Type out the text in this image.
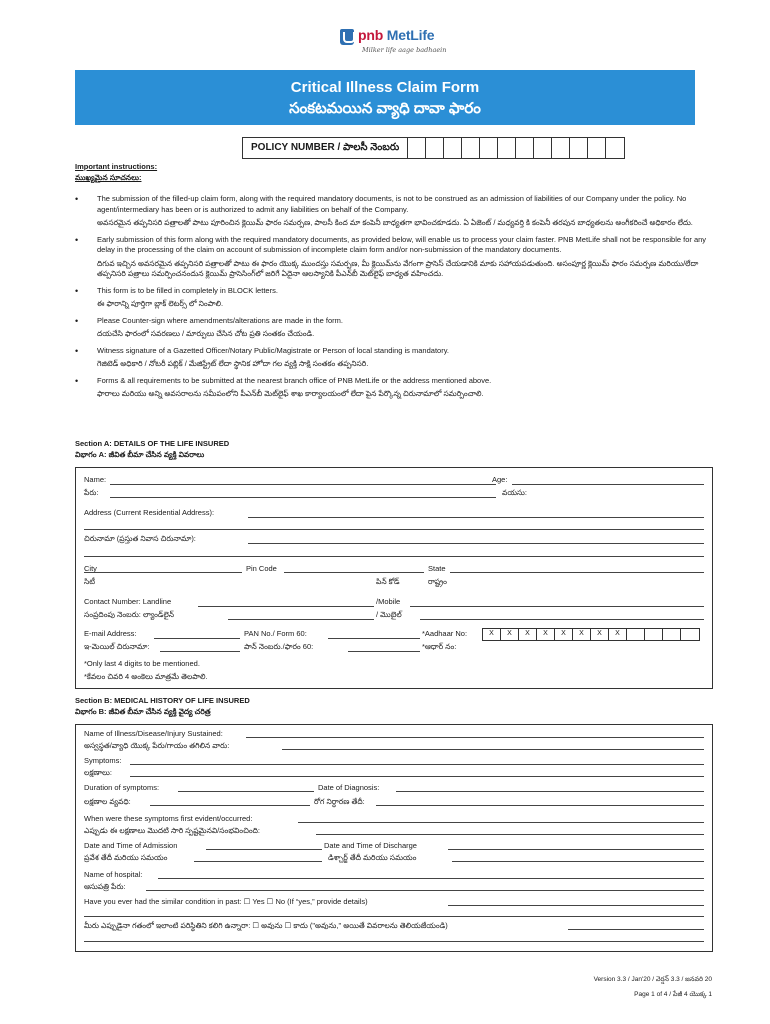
pnb MetLife
Milker life aage badhaein
Critical Illness Claim Form
సంకటమయిన వ్యాధి దావా ఫారం
POLICY NUMBER / పాలసీ నెంబరు
Important instructions:
ముఖ్యమైన సూచనలు:
•	The submission of the filled-up claim form, along with the required mandatory documents, is not to be construed as an admission of liabilities of our Company under the policy. No agent/intermediary has been or is authorized to admit any liabilities on behalf of the Company.

అవసరమైన తప్పనిసరి పత్రాలతో పాటు పూరించిన క్లెయిమ్ ఫారం సమర్పణ, పాలసీ కింద మా కంపెనీ బాధ్యతగా భావించకూడదు. ఏ ఏజెంట్ / మధ్యవర్తి కి కంపెనీ తరపున బాధ్యతలను అంగీకరించే అధికారం లేదు.

•	Early submission of this form along with the required mandatory documents, as provided below, will enable us to process your claim faster. PNB MetLife shall not be responsible for any delay in the processing of the claim on account of submission of incomplete claim form and/or non-submission of the mandatory documents.

దిగువ ఇచ్చిన అవసరమైన తప్పనిసరి పత్రాలతో పాటు ఈ ఫారం యొక్క ముందస్తు సమర్పణ, మీ క్లెయిమ్‌ను వేగంగా ప్రాసెస్ చేయడానికి మాకు సహాయపడుతుంది. అసంపూర్ణ క్లెయిమ్ ఫారం సమర్పణ మరియు/లేదా తప్పనిసరి పత్రాలు సమర్పించనందున క్లెయిమ్ ప్రాసెసింగ్‌లో జరిగే ఏదైనా ఆలస్యానికి పీఎన్‌బీ మెట్‌లైఫ్ బాధ్యత వహించదు.

•	This form is to be filled in completely in BLOCK letters.

ఈ ఫారాన్ని పూర్తిగా బ్లాక్ లెటర్స్ లో నింపాలి.

•	Please Counter-sign where amendments/alterations are made in the form.

దయచేసి ఫారంలో సవరణలు / మార్పులు చేసిన చోట ప్రతి సంతకం చేయండి.

•	Witness signature of a Gazetted Officer/Notary Public/Magistrate or Person of local standing is mandatory.

గెజిటెడ్ అధికారి / నోటరీ పబ్లిక్ / మేజిస్ట్రేట్ లేదా స్థానిక హోదా గల వ్యక్తి సాక్షి సంతకం తప్పనిసరి.

•	Forms & all requirements to be submitted at the nearest branch office of PNB MetLife or the address mentioned above.

ఫారాలు మరియు అన్ని అవసరాలను సమీపంలోని పీఎన్‌బీ మెట్‌లైఫ్ శాఖ కార్యాలయంలో లేదా పైన పేర్కొన్న చిరునామాలో సమర్పించాలి.

Section A: DETAILS OF THE LIFE INSURED
విభాగం A: జీవిత బీమా చేసిన వ్యక్తి వివరాలు
Name:	Age:
పేరు:	వయసు:
Address (Current Residential Address):
చిరునామా (ప్రస్తుత నివాస చిరునామా):
City	Pin Code	State
సిటీ	పిన్ కోడ్	రాష్ట్రం
Contact Number: Landline	/Mobile
సంప్రదింపు నెంబరు: ల్యాండ్‌లైన్	/ మొబైల్
E-mail Address:	PAN No./ Form 60:	*Aadhaar No:	X	X	X	X	X	X	X	X
ఇ-మెయిల్ చిరునామా:	పాన్ నెంబరు./ఫారం 60:	*ఆధార్ నం:
*Only last 4 digits to be mentioned.
*కేవలం చివరి 4 అంకెలు మాత్రమే తెలపాలి.
Section B: MEDICAL HISTORY OF LIFE INSURED
విభాగం B: జీవిత బీమా చేసిన వ్యక్తి వైద్య చరిత్ర
Name of Illness/Disease/Injury Sustained:
అస్వస్థత/వ్యాధి యొక్క పేరు/గాయం తగిలిన వారు:
Symptoms:
లక్షణాలు:
Duration of symptoms:	Date of Diagnosis:
లక్షణాల వ్యవధి:	రోగ నిర్ధారణ తేదీ:
When were these symptoms first evident/occurred:
ఎప్పుడు ఈ లక్షణాలు మొదటి సారి స్పష్టమైనవి/సంభవించింది:
Date and Time of Admission	Date and Time of Discharge
ప్రవేశ తేదీ మరియు సమయం	డిశ్చార్జ్ తేదీ మరియు సమయం
Name of hospital:
ఆసుపత్రి పేరు:
Have you ever had the similar condition in past: ☐ Yes ☐ No (If “yes,” provide details)
మీరు ఎప్పుడైనా గతంలో ఇలాంటి పరిస్థితిని కలిగి ఉన్నారా: ☐ అవును ☐ కాదు ("అవును," అయితే వివరాలను తెలియజేయండి)
Version 3.3 / Jan'20 / వెర్షన్ 3.3 / జనవరి 20
Page 1 of 4 / పేజీ 4 యొక్క 1
